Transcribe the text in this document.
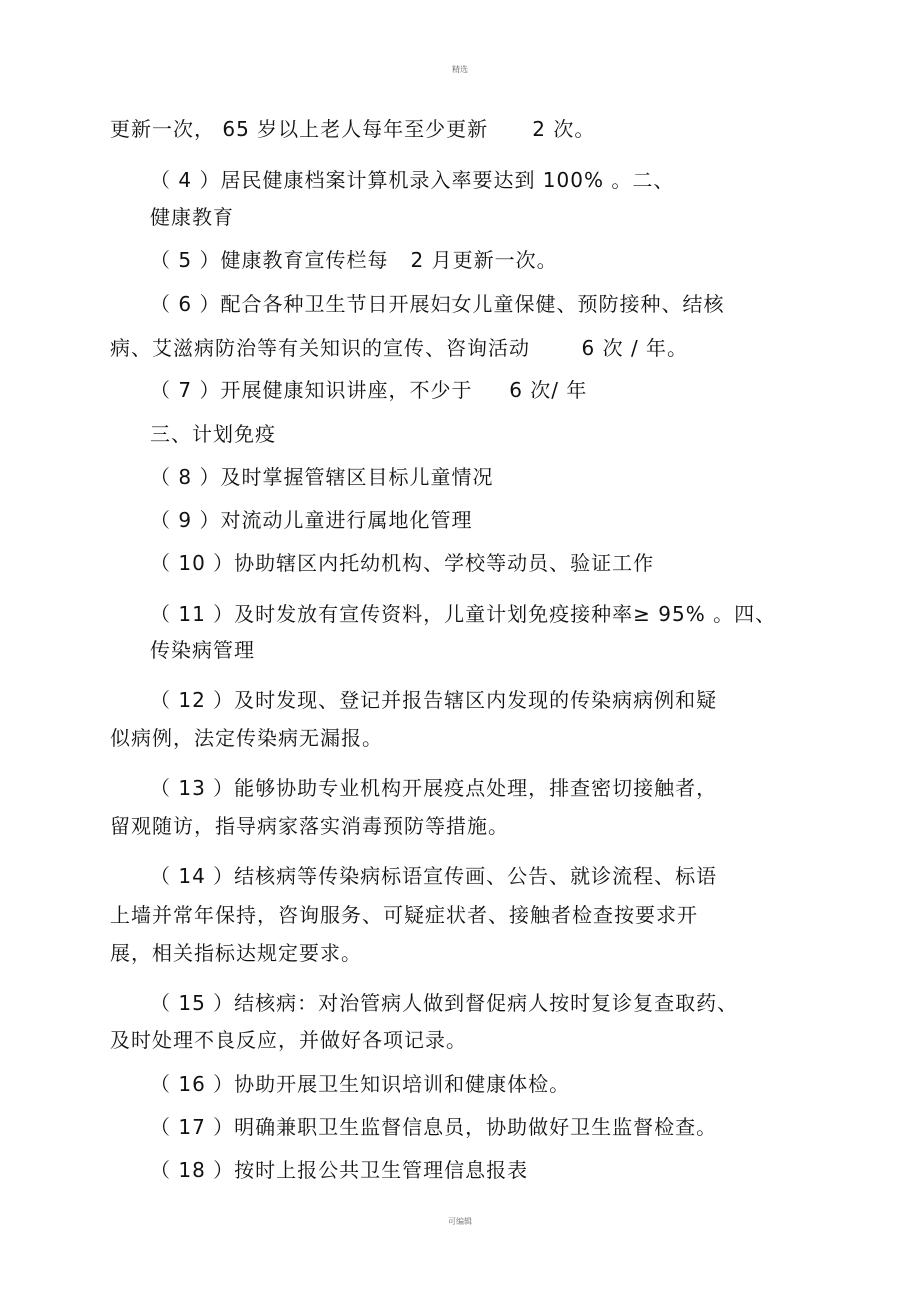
精选
更新一次， 65 岁以上老人每年至少更新      2 次。
（ 4 ）居民健康档案计算机录入率要达到 100% 。二、
健康教育
（ 5 ）健康教育宣传栏每   2 月更新一次。
（ 6 ）配合各种卫生节日开展妇女儿童保健、预防接种、结核
病、艾滋病防治等有关知识的宣传、咨询活动       6 次 / 年。
（ 7 ）开展健康知识讲座，不少于     6 次/ 年
三、计划免疫
（ 8 ）及时掌握管辖区目标儿童情况
（ 9 ）对流动儿童进行属地化管理
（ 10 ）协助辖区内托幼机构、学校等动员、验证工作
（ 11 ）及时发放有宣传资料，儿童计划免疫接种率≥ 95% 。四、
传染病管理
（ 12 ）及时发现、登记并报告辖区内发现的传染病病例和疑
似病例，法定传染病无漏报。
（ 13 ）能够协助专业机构开展疫点处理，排查密切接触者，
留观随访，指导病家落实消毒预防等措施。
（ 14 ）结核病等传染病标语宣传画、公告、就诊流程、标语
上墙并常年保持，咨询服务、可疑症状者、接触者检查按要求开
展，相关指标达规定要求。
（ 15 ）结核病：对治管病人做到督促病人按时复诊复查取药、
及时处理不良反应，并做好各项记录。
（ 16 ）协助开展卫生知识培训和健康体检。
（ 17 ）明确兼职卫生监督信息员，协助做好卫生监督检查。
（ 18 ）按时上报公共卫生管理信息报表
可编辑
